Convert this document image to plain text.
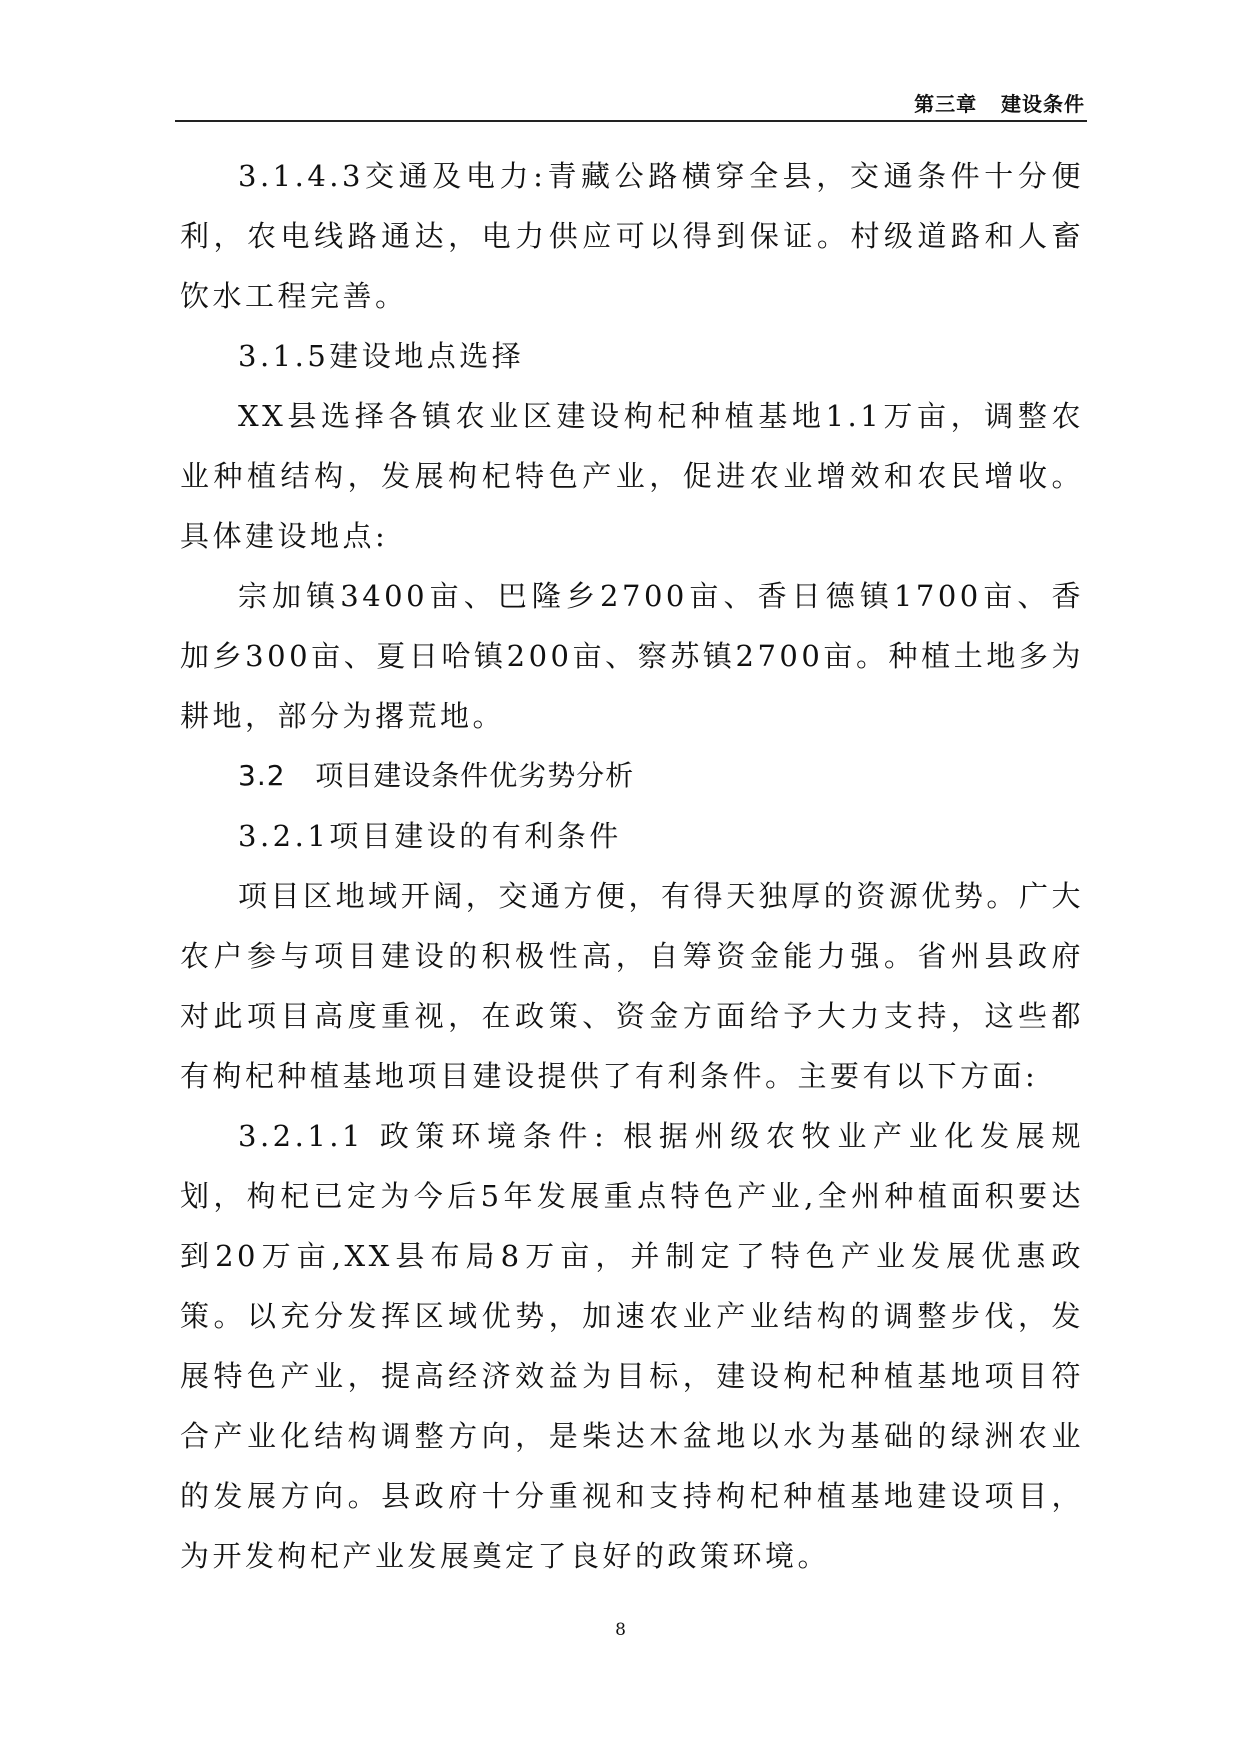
第三章   建设条件

3.1.4.3交通及电力:青藏公路横穿全县，交通条件十分便利，农电线路通达，电力供应可以得到保证。村级道路和人畜饮水工程完善。

3.1.5建设地点选择

XX县选择各镇农业区建设枸杞种植基地1.1万亩，调整农业种植结构，发展枸杞特色产业，促进农业增效和农民增收。具体建设地点:

宗加镇3400亩、巴隆乡2700亩、香日德镇1700亩、香加乡300亩、夏日哈镇200亩、察苏镇2700亩。种植土地多为耕地，部分为撂荒地。

3.2   项目建设条件优劣势分析

3.2.1项目建设的有利条件

项目区地域开阔，交通方便，有得天独厚的资源优势。广大农户参与项目建设的积极性高，自筹资金能力强。省州县政府对此项目高度重视，在政策、资金方面给予大力支持，这些都有枸杞种植基地项目建设提供了有利条件。主要有以下方面:

3.2.1.1 政策环境条件: 根据州级农牧业产业化发展规划，枸杞已定为今后5年发展重点特色产业,全州种植面积要达到20万亩,XX县布局8万亩，并制定了特色产业发展优惠政策。以充分发挥区域优势，加速农业产业结构的调整步伐，发展特色产业，提高经济效益为目标，建设枸杞种植基地项目符合产业化结构调整方向，是柴达木盆地以水为基础的绿洲农业的发展方向。县政府十分重视和支持枸杞种植基地建设项目，为开发枸杞产业发展奠定了良好的政策环境。

8
